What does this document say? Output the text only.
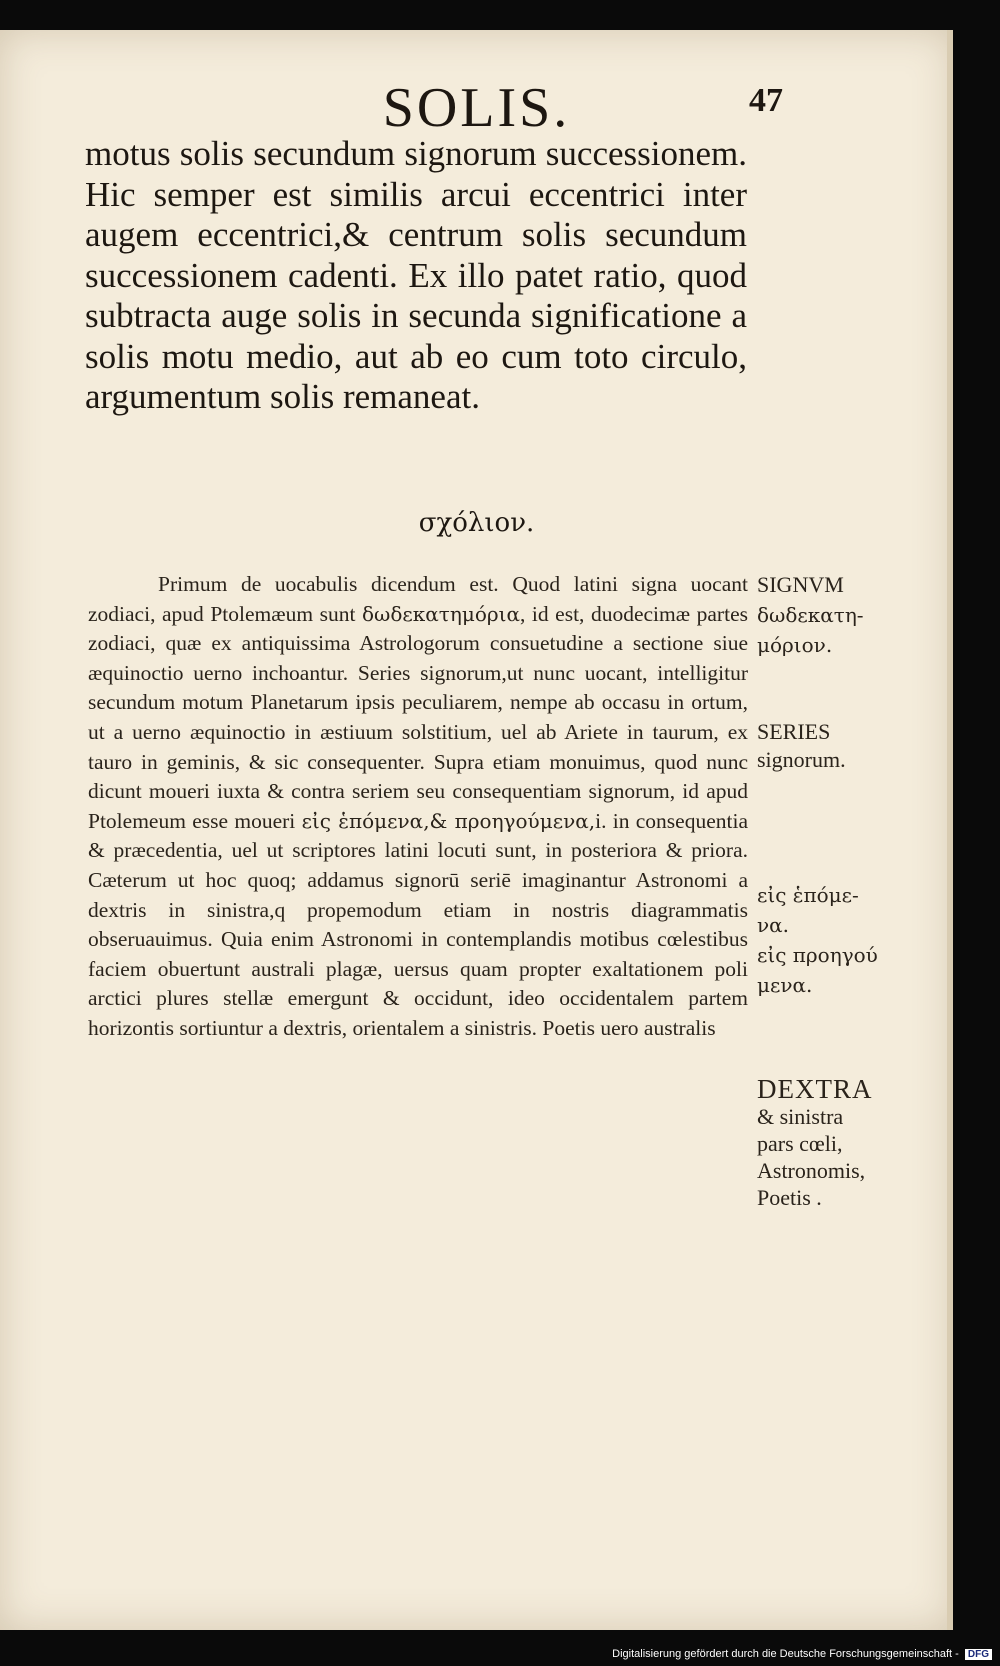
SOLIS.	47
motus solis secundum signorum successionem. Hic semper est similis arcui eccentrici inter augem eccentrici,& centrum solis secundum successionem cadenti. Ex illo patet ratio, quod subtracta auge solis in secunda significatione a solis motu medio, aut ab eo cum toto circulo, argumentum solis remaneat.
σχόλιον.

Primum de uocabulis dicendum est. Quod latini signa uocant zodiaci, apud Ptolemæum sunt δωδεκατημόρια, id est, duodecimæ partes zodiaci, quæ ex antiquissima Astrologorum consuetudine a sectione siue æquinoctio uerno inchoantur. Series signorum,ut nunc uocant, intelligitur secundum motum Planetarum ipsis peculiarem, nempe ab occasu in ortum, ut a uerno æquinoctio in æstiuum solstitium, uel ab Ariete in taurum, ex tauro in geminis, & sic consequenter. Supra etiam monuimus, quod nunc dicunt moueri iuxta & contra seriem seu consequentiam signorum, id apud Ptolemeum esse moueri εἰς ἑπόμενα,& προηγούμενα,i. in consequentia & præcedentia, uel ut scriptores latini locuti sunt, in posteriora & priora. Cæterum ut hoc quoq; addamus signorū seriē imaginantur Astronomi a dextris in sinistra,q propemodum etiam in nostris diagrammatis obseruauimus. Quia enim Astronomi in contemplandis motibus cœlestibus faciem obuertunt australi plagæ, uersus quam propter exaltationem poli arctici plures stellæ emergunt & occidunt, ideo occidentalem partem horizontis sortiuntur a dextris, orientalem a sinistris. Poetis uero australis

SIGNVM
δωδεκατη-
μόριον.
SERIES
signorum.
εἰς ἑπόμε-
να.
εἰς προηγού
μενα.
DEXTRA
& sinistra
pars cœli,
Astronomis,
Poetis .
Digitalisierung gefördert durch die Deutsche Forschungsgemeinschaft - DFG
